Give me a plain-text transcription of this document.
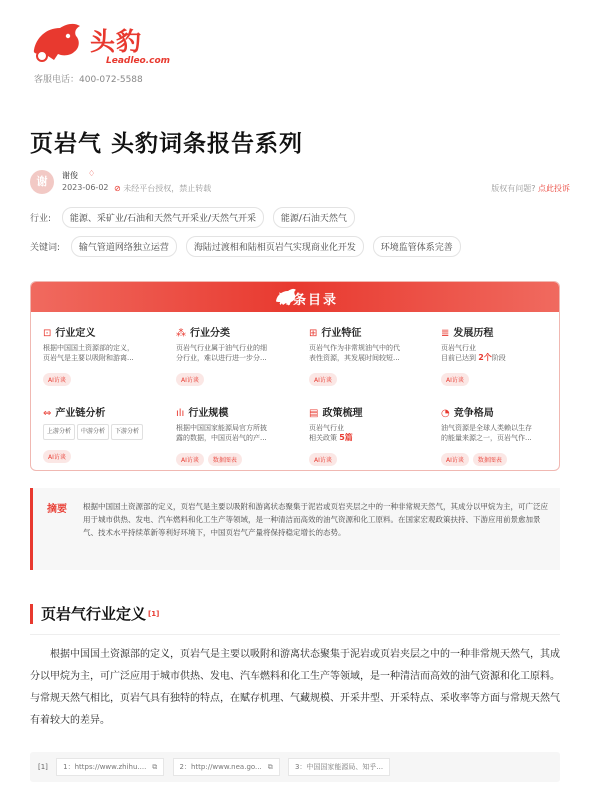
头豹
Leadleo.com
客服电话：400-072-5588
页岩气 头豹词条报告系列
谢	谢俊 ♢
2023-06-02 ⊘ 未经平台授权，禁止转载	版权有问题? 点此投诉
行业: 能源、采矿业/石油和天然气开采业/天然气开采	能源/石油天然气
关键词: 输气管道网络独立运营	海陆过渡相和陆相页岩气实现商业化开发	环境监管体系完善
词条目录
⊡ 行业定义
根据中国国土资源部的定义，
页岩气是主要以吸附和游离...
AI访谈
⁂ 行业分类
页岩气行业属于油气行业的细
分行业，难以进行进一步分...
AI访谈
⊞ 行业特征
页岩气作为非常规油气中的代
表性资源，其发展时间较短...
AI访谈
≣ 发展历程
页岩气行业
目前已达到 2个阶段
AI访谈
⇔ 产业链分析
上游分析 中游分析 下游分析
AI访谈
ılı 行业规模
根据中国国家能源局官方所披
露的数据，中国页岩气的产...
AI访谈 数据图表
▤ 政策梳理
页岩气行业
相关政策 5篇
AI访谈
◔ 竞争格局
油气资源是全球人类赖以生存
的能量来源之一，页岩气作...
AI访谈 数据图表
摘要 根据中国国土资源部的定义，页岩气是主要以吸附和游离状态聚集于泥岩或页岩夹层之中的一种非常规天然气，其成分以甲烷为主，可广泛应用于城市供热、发电、汽车燃料和化工生产等领域，是一种清洁而高效的油气资源和化工原料。在国家宏观政策扶持、下游应用前景愈加景气、技术水平持续革新等利好环境下，中国页岩气产量将保持稳定增长的态势。
页岩气行业定义 [1]
根据中国国土资源部的定义，页岩气是主要以吸附和游离状态聚集于泥岩或页岩夹层之中的一种非常规天然气，其成分以甲烷为主，可广泛应用于城市供热、发电、汽车燃料和化工生产等领域，是一种清洁而高效的油气资源和化工原料。与常规天然气相比，页岩气具有独特的特点，在赋存机理、气藏规模、开采井型、开采特点、采收率等方面与常规天然气有着较大的差异。
[1] 1：https://www.zhihu.... ⧉	2：http://www.nea.go... ⧉	3：中国国家能源局、知乎...
